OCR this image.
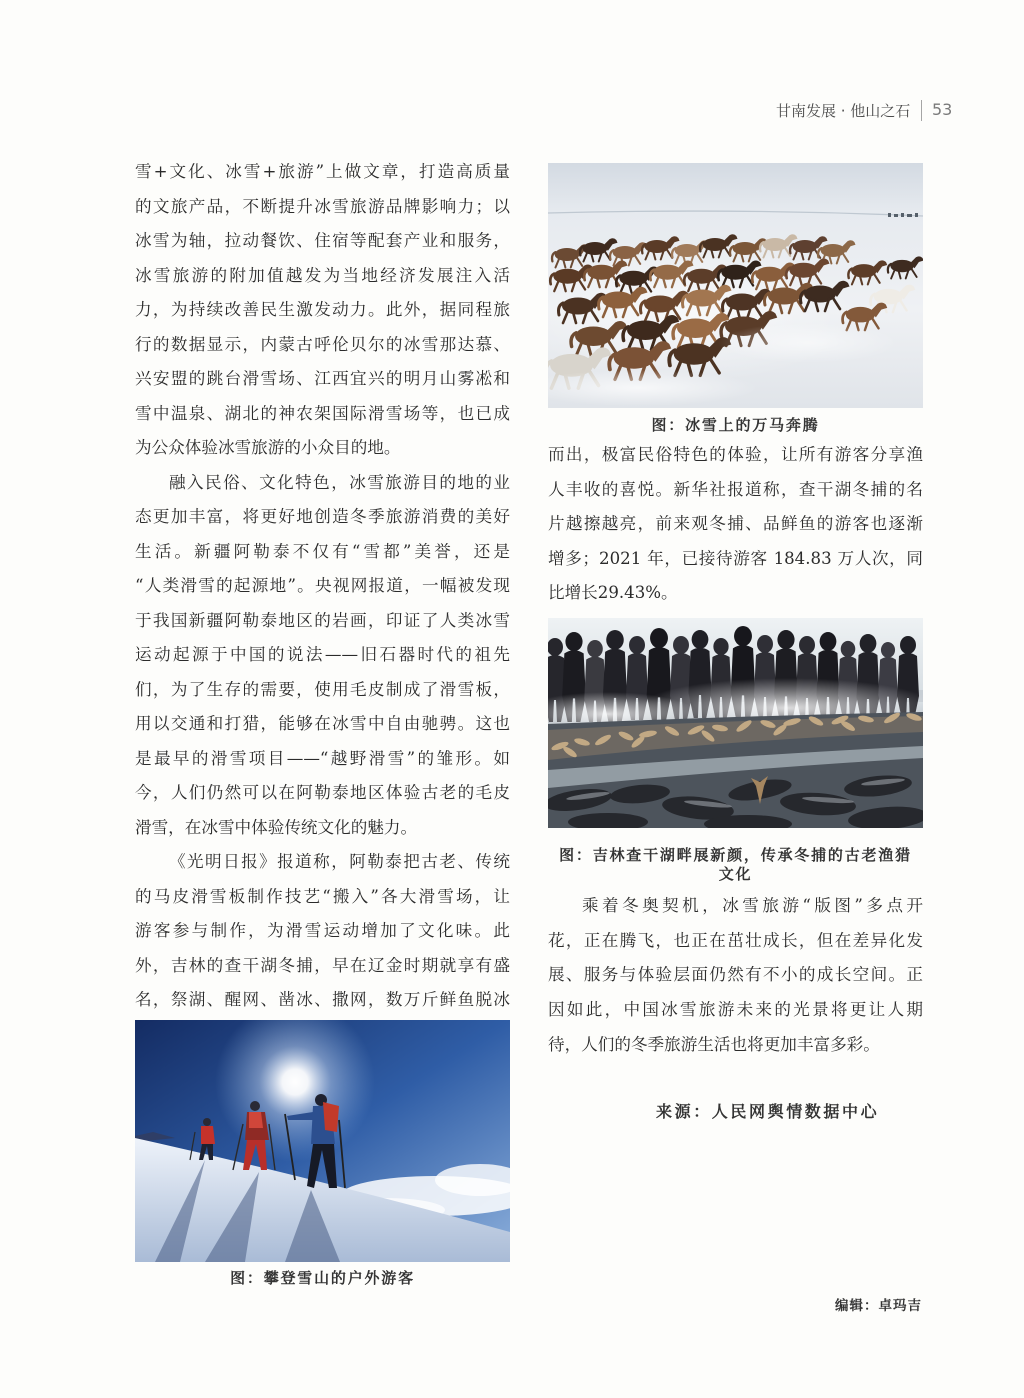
甘南发展 · 他山之石 53
雪+文化、冰雪+旅游”上做文章，打造高质量
的文旅产品，不断提升冰雪旅游品牌影响力；以
冰雪为轴，拉动餐饮、住宿等配套产业和服务，
冰雪旅游的附加值越发为当地经济发展注入活
力，为持续改善民生激发动力。此外，据同程旅
行的数据显示，内蒙古呼伦贝尔的冰雪那达慕、
兴安盟的跳台滑雪场、江西宜兴的明月山雾凇和
雪中温泉、湖北的神农架国际滑雪场等，也已成
为公众体验冰雪旅游的小众目的地。
融入民俗、文化特色，冰雪旅游目的地的业
态更加丰富，将更好地创造冬季旅游消费的美好
生活。新疆阿勒泰不仅有“雪都”美誉，还是
“人类滑雪的起源地”。央视网报道，一幅被发现
于我国新疆阿勒泰地区的岩画，印证了人类冰雪
运动起源于中国的说法——旧石器时代的祖先
们，为了生存的需要，使用毛皮制成了滑雪板，
用以交通和打猎，能够在冰雪中自由驰骋。这也
是最早的滑雪项目——“越野滑雪”的雏形。如
今，人们仍然可以在阿勒泰地区体验古老的毛皮
滑雪，在冰雪中体验传统文化的魅力。
《光明日报》报道称，阿勒泰把古老、传统
的马皮滑雪板制作技艺“搬入”各大滑雪场，让
游客参与制作，为滑雪运动增加了文化味。此
外，吉林的查干湖冬捕，早在辽金时期就享有盛
名，祭湖、醒网、凿冰、撒网，数万斤鲜鱼脱冰
而出，极富民俗特色的体验，让所有游客分享渔
人丰收的喜悦。新华社报道称，查干湖冬捕的名
片越擦越亮，前来观冬捕、品鲜鱼的游客也逐渐
增多；2021 年，已接待游客 184.83 万人次，同
比增长29.43%。
乘着冬奥契机，冰雪旅游“版图”多点开
花，正在腾飞，也正在茁壮成长，但在差异化发
展、服务与体验层面仍然有不小的成长空间。正
因如此，中国冰雪旅游未来的光景将更让人期
待，人们的冬季旅游生活也将更加丰富多彩。
图：冰雪上的万马奔腾
图：吉林查干湖畔展新颜，传承冬捕的古老渔猎
文化
图：攀登雪山的户外游客
来源：人民网舆情数据中心
编辑：卓玛吉
